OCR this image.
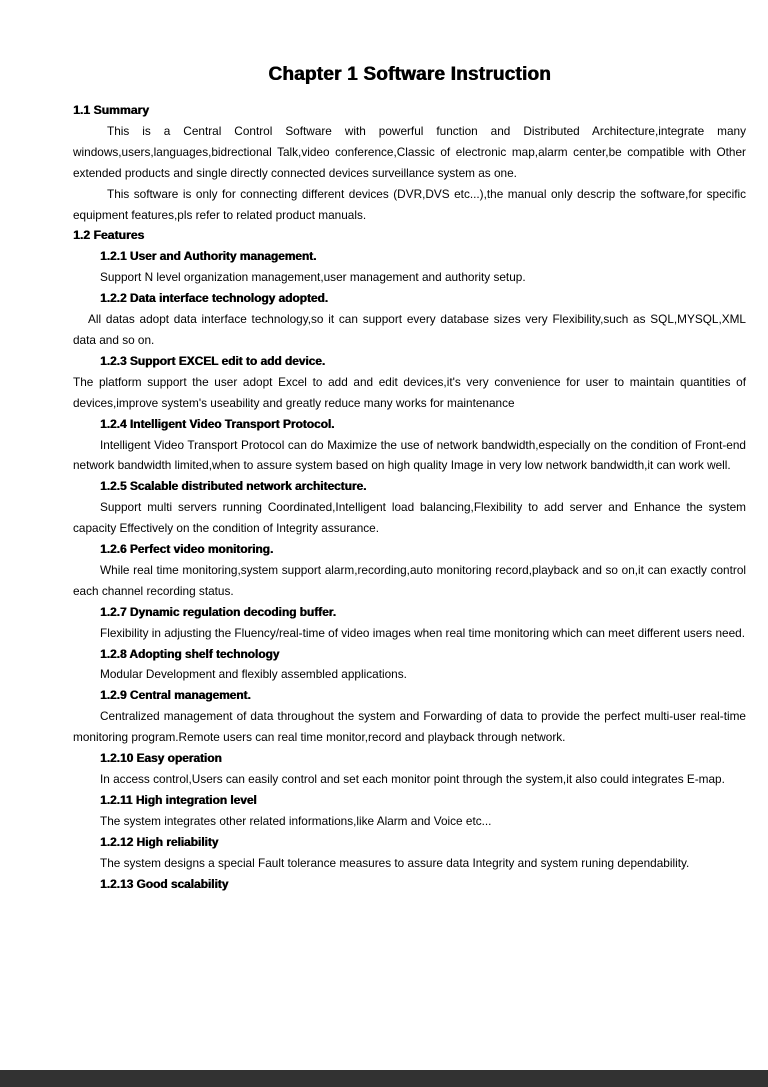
Chapter 1 Software Instruction
1.1 Summary
This is a Central Control Software with powerful function and Distributed Architecture,integrate many windows,users,languages,bidrectional Talk,video conference,Classic of electronic map,alarm center,be compatible with Other extended products and single directly connected devices surveillance system as one.
This software is only for connecting different devices (DVR,DVS etc...),the manual only descrip the software,for specific equipment features,pls refer to related product manuals.
1.2 Features
1.2.1 User and Authority management.
Support N level organization management,user management and authority setup.
1.2.2 Data interface technology adopted.
All datas adopt data interface technology,so it can support every database sizes very Flexibility,such as SQL,MYSQL,XML data and so on.
1.2.3 Support EXCEL edit to add device.
The platform support the user adopt Excel to add and edit devices,it's very convenience for user to maintain quantities of devices,improve system's useability and greatly reduce many works for maintenance
1.2.4 Intelligent Video Transport Protocol.
Intelligent Video Transport Protocol can do Maximize the use of network bandwidth,especially on the condition of Front-end network bandwidth limited,when to assure system based on high quality Image in very low network bandwidth,it can work well.
1.2.5 Scalable distributed network architecture.
Support multi servers running Coordinated,Intelligent load balancing,Flexibility to add server and Enhance the system capacity Effectively on the condition of Integrity assurance.
1.2.6 Perfect video monitoring.
While real time monitoring,system support alarm,recording,auto monitoring record,playback and so on,it can exactly control each channel recording status.
1.2.7 Dynamic regulation decoding buffer.
Flexibility in adjusting the Fluency/real-time of video images when real time monitoring which can meet different users need.
1.2.8 Adopting shelf technology
Modular Development and flexibly assembled applications.
1.2.9 Central management.
Centralized management of data throughout the system and Forwarding of data to provide the perfect multi-user real-time monitoring program.Remote users can real time monitor,record and playback through network.
1.2.10 Easy operation
In access control,Users can easily control and set each monitor point through the system,it also could integrates E-map.
1.2.11 High integration level
The system integrates other related informations,like Alarm and Voice etc...
1.2.12 High reliability
The system designs a special Fault tolerance measures to assure data Integrity and system runing dependability.
1.2.13 Good scalability
